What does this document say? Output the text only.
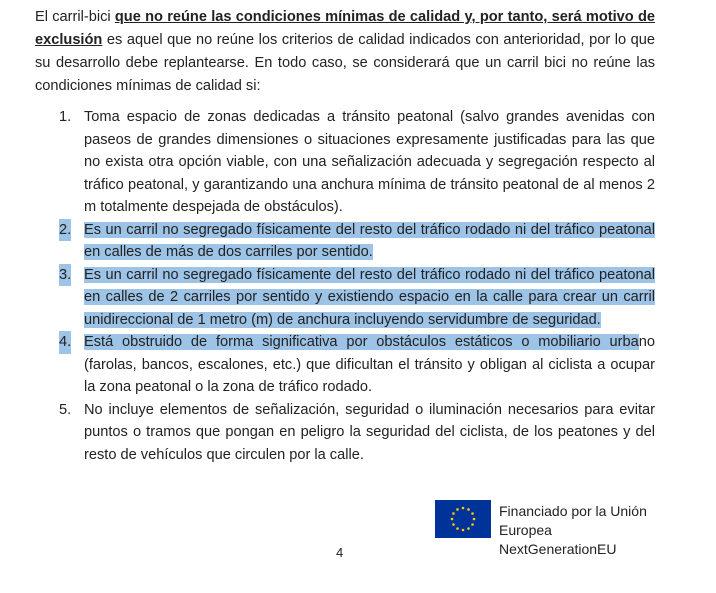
El carril-bici que no reúne las condiciones mínimas de calidad y, por tanto, será motivo de exclusión es aquel que no reúne los criterios de calidad indicados con anterioridad, por lo que su desarrollo debe replantearse. En todo caso, se considerará que un carril bici no reúne las condiciones mínimas de calidad si:

1. Toma espacio de zonas dedicadas a tránsito peatonal (salvo grandes avenidas con paseos de grandes dimensiones o situaciones expresamente justificadas para las que no exista otra opción viable, con una señalización adecuada y segregación respecto al tráfico peatonal, y garantizando una anchura mínima de tránsito peatonal de al menos 2 m totalmente despejada de obstáculos).
2. Es un carril no segregado físicamente del resto del tráfico rodado ni del tráfico peatonal en calles de más de dos carriles por sentido.
3. Es un carril no segregado físicamente del resto del tráfico rodado ni del tráfico peatonal en calles de 2 carriles por sentido y existiendo espacio en la calle para crear un carril unidireccional de 1 metro (m) de anchura incluyendo servidumbre de seguridad.
4. Está obstruido de forma significativa por obstáculos estáticos o mobiliario urbano (farolas, bancos, escalones, etc.) que dificultan el tránsito y obligan al ciclista a ocupar la zona peatonal o la zona de tráfico rodado.
5. No incluye elementos de señalización, seguridad o iluminación necesarios para evitar puntos o tramos que pongan en peligro la seguridad del ciclista, de los peatones y del resto de vehículos que circulen por la calle.
Financiado por la Unión Europea
NextGenerationEU
4
